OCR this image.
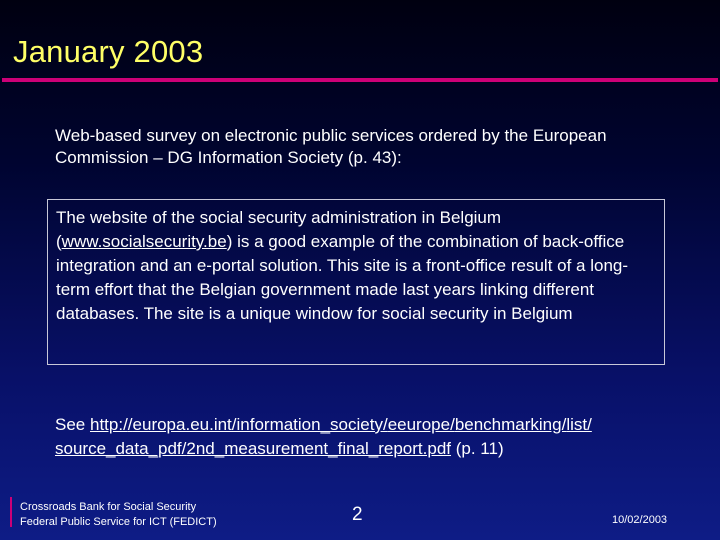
January 2003
Web-based survey on electronic public services ordered by the European Commission – DG Information Society (p. 43):
The website of the social security administration in Belgium (www.socialsecurity.be) is a good example of the combination of back-office integration and an e-portal solution. This site is a front-office result of a long-term effort that the Belgian government made last years linking different databases. The site is a unique window for social security in Belgium
See http://europa.eu.int/information_society/eeurope/benchmarking/list/source_data_pdf/2nd_measurement_final_report.pdf (p. 11)
Crossroads Bank for Social Security
Federal Public Service for ICT (FEDICT)	2	10/02/2003
